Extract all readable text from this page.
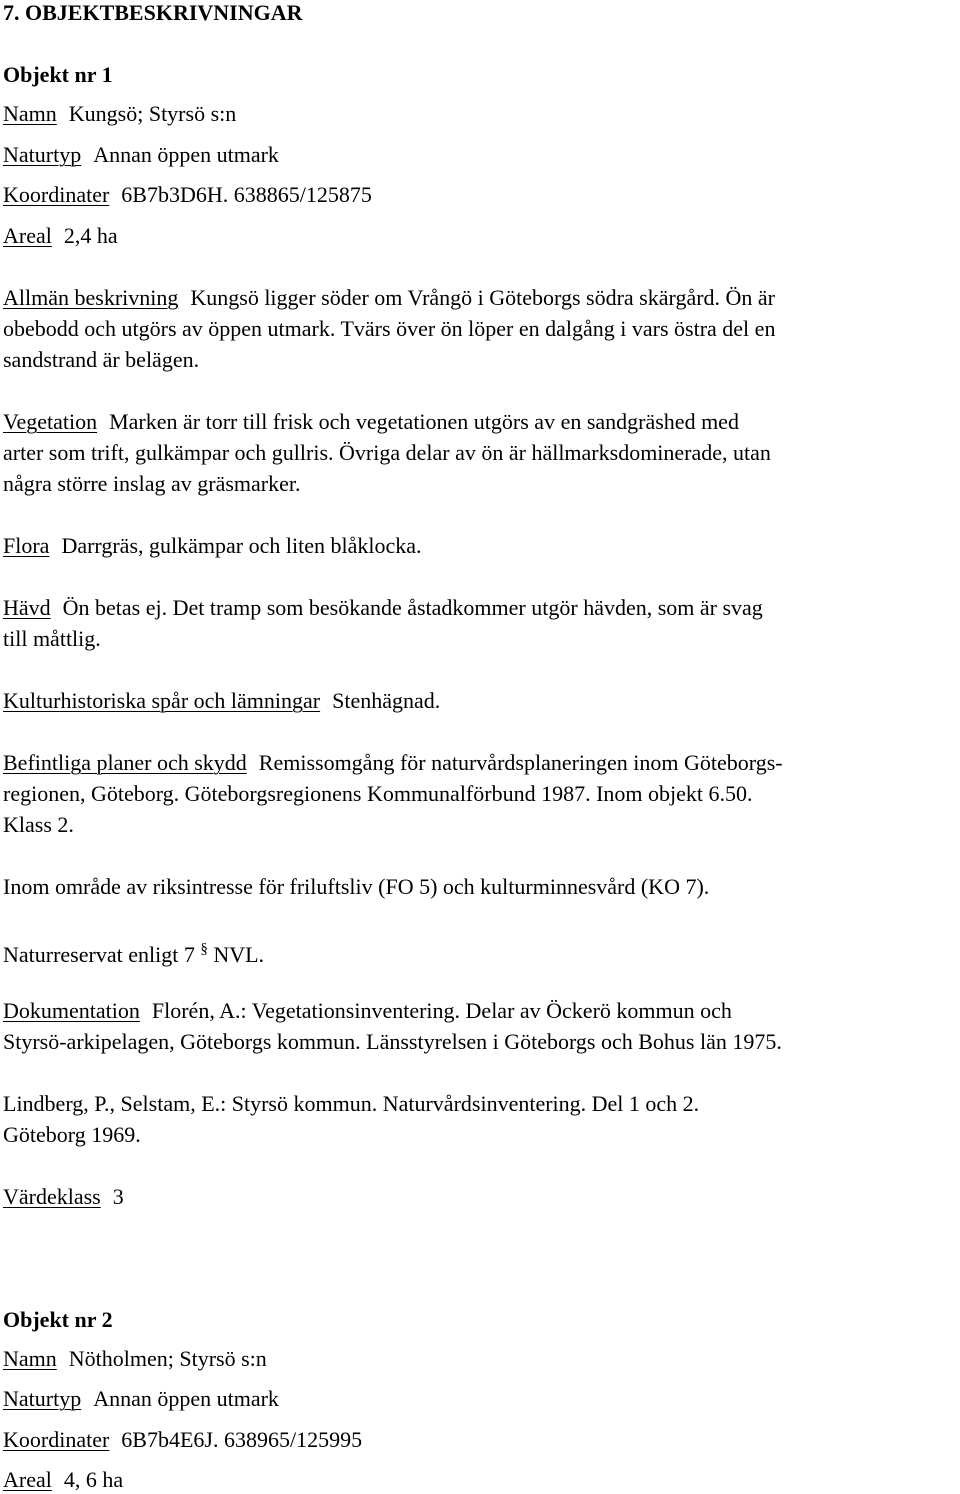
7. OBJEKTBESKRIVNINGAR
Objekt nr 1
Namn Kungsö; Styrsö s:n
Naturtyp Annan öppen utmark
Koordinater 6B7b3D6H. 638865/125875
Areal 2,4 ha
Allmän beskrivning Kungsö ligger söder om Vrångö i Göteborgs södra skärgård. Ön är
obebodd och utgörs av öppen utmark. Tvärs över ön löper en dalgång i vars östra del en
sandstrand är belägen.
Vegetation Marken är torr till frisk och vegetationen utgörs av en sandgräshed med
arter som trift, gulkämpar och gullris. Övriga delar av ön är hällmarksdominerade, utan
några större inslag av gräsmarker.
Flora Darrgräs, gulkämpar och liten blåklocka.
Hävd Ön betas ej. Det tramp som besökande åstadkommer utgör hävden, som är svag
till måttlig.
Kulturhistoriska spår och lämningar Stenhägnad.
Befintliga planer och skydd Remissomgång för naturvårdsplaneringen inom Göteborgs-
regionen, Göteborg. Göteborgsregionens Kommunalförbund 1987. Inom objekt 6.50.
Klass 2.
Inom område av riksintresse för friluftsliv (FO 5) och kulturminnesvård (KO 7).
Naturreservat enligt 7 § NVL.
Dokumentation Florén, A.: Vegetationsinventering. Delar av Öckerö kommun och
Styrsö-arkipelagen, Göteborgs kommun. Länsstyrelsen i Göteborgs och Bohus län 1975.
Lindberg, P., Selstam, E.: Styrsö kommun. Naturvårdsinventering. Del 1 och 2.
Göteborg 1969.
Värdeklass 3
Objekt nr 2
Namn Nötholmen; Styrsö s:n
Naturtyp Annan öppen utmark
Koordinater 6B7b4E6J. 638965/125995
Areal 4, 6 ha
